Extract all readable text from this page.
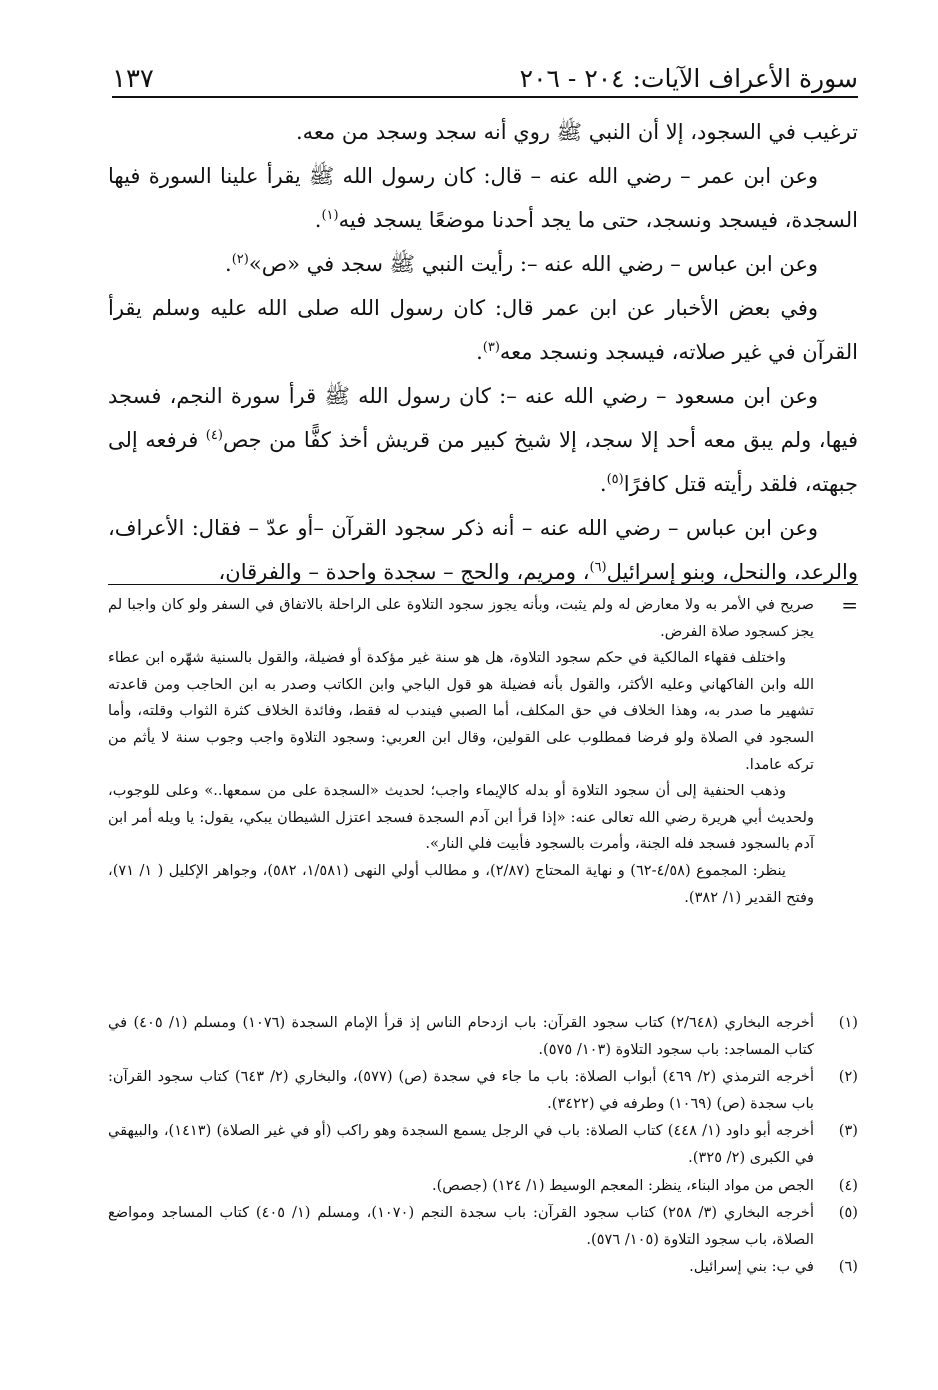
سورة الأعراف الآيات: ٢٠٤ - ٢٠٦
١٣٧

ترغيب في السجود، إلا أن النبي ﷺ روي أنه سجد وسجد من معه.

وعن ابن عمر – رضي الله عنه – قال: كان رسول الله ﷺ يقرأ علينا السورة فيها السجدة، فيسجد ونسجد، حتى ما يجد أحدنا موضعًا يسجد فيه$^{(١)}$.

وعن ابن عباس – رضي الله عنه –: رأيت النبي ﷺ سجد في «ص»$^{(٢)}$.

وفي بعض الأخبار عن ابن عمر قال: كان رسول الله صلى الله عليه وسلم يقرأ القرآن في غير صلاته، فيسجد ونسجد معه$^{(٣)}$.

وعن ابن مسعود – رضي الله عنه –: كان رسول الله ﷺ قرأ سورة النجم، فسجد فيها، ولم يبق معه أحد إلا سجد، إلا شيخ كبير من قريش أخذ كفًّا من جص$^{(٤)}$ فرفعه إلى جبهته، فلقد رأيته قتل كافرًا$^{(٥)}$.

وعن ابن عباس – رضي الله عنه – أنه ذكر سجود القرآن –أو عدّ – فقال: الأعراف، والرعد، والنحل، وبنو إسرائيل$^{(٦)}$، ومريم، والحج – سجدة واحدة – والفرقان،

=

صريح في الأمر به ولا معارض له ولم يثبت، وبأنه يجوز سجود التلاوة على الراحلة بالاتفاق في السفر ولو كان واجبا لم يجز كسجود صلاة الفرض.

واختلف فقهاء المالكية في حكم سجود التلاوة، هل هو سنة غير مؤكدة أو فضيلة، والقول بالسنية شهّره ابن عطاء الله وابن الفاكهاني وعليه الأكثر، والقول بأنه فضيلة هو قول الباجي وابن الكاتب وصدر به ابن الحاجب ومن قاعدته تشهير ما صدر به، وهذا الخلاف في حق المكلف، أما الصبي فيندب له فقط، وفائدة الخلاف كثرة الثواب وقلته، وأما السجود في الصلاة ولو فرضا فمطلوب على القولين، وقال ابن العربي: وسجود التلاوة واجب وجوب سنة لا يأثم من تركه عامدا.

وذهب الحنفية إلى أن سجود التلاوة أو بدله كالإيماء واجب؛ لحديث «السجدة على من سمعها..» وعلى للوجوب، ولحديث أبي هريرة رضي الله تعالى عنه: «إذا قرأ ابن آدم السجدة فسجد اعتزل الشيطان يبكي، يقول: يا ويله أمر ابن آدم بالسجود فسجد فله الجنة، وأمرت بالسجود فأبيت فلي النار».

ينظر: المجموع (٤/٥٨-٦٢) و نهاية المحتاج (٢/٨٧)، و مطالب أولي النهى (١/٥٨١، ٥٨٢)، وجواهر الإكليل ( ١/ ٧١)، وفتح القدير (١/ ٣٨٢).

(١)
أخرجه البخاري (٢/٦٤٨) كتاب سجود القرآن: باب ازدحام الناس إذ قرأ الإمام السجدة (١٠٧٦) ومسلم (١/ ٤٠٥) في كتاب المساجد: باب سجود التلاوة (١٠٣/ ٥٧٥).
(٢)
أخرجه الترمذي (٢/ ٤٦٩) أبواب الصلاة: باب ما جاء في سجدة (ص) (٥٧٧)، والبخاري (٢/ ٦٤٣) كتاب سجود القرآن: باب سجدة (ص) (١٠٦٩) وطرفه في (٣٤٢٢).
(٣)
أخرجه أبو داود (١/ ٤٤٨) كتاب الصلاة: باب في الرجل يسمع السجدة وهو راكب (أو في غير الصلاة) (١٤١٣)، والبيهقي في الكبرى (٢/ ٣٢٥).
(٤)
الجص من مواد البناء، ينظر: المعجم الوسيط (١/ ١٢٤) (جصص).
(٥)
أخرجه البخاري (٣/ ٢٥٨) كتاب سجود القرآن: باب سجدة النجم (١٠٧٠)، ومسلم (١/ ٤٠٥) كتاب المساجد ومواضع الصلاة، باب سجود التلاوة (١٠٥/ ٥٧٦).
(٦)
في ب: بني إسرائيل.
